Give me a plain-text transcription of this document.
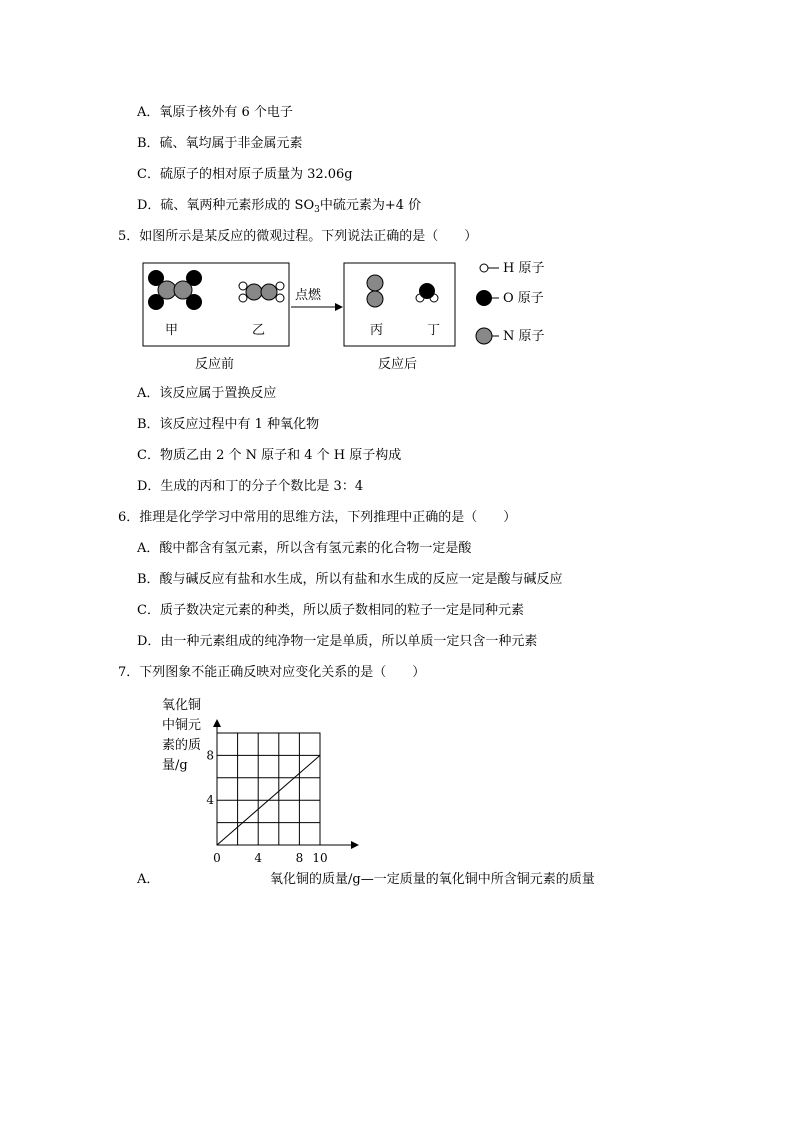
A．氧原子核外有 6 个电子
B．硫、氧均属于非金属元素
C．硫原子的相对原子质量为 32.06g
D．硫、氧两种元素形成的 $SO_3$中硫元素为+4 价
5．如图所示是某反应的微观过程。下列说法正确的是（　　）
甲	乙
点燃
丙	丁
反应前	反应后
H 原子
O 原子
N 原子
A．该反应属于置换反应
B．该反应过程中有 1 种氧化物
C．物质乙由 2 个 N 原子和 4 个 H 原子构成
D．生成的丙和丁的分子个数比是 3：4
6．推理是化学学习中常用的思维方法，下列推理中正确的是（　　）
A．酸中都含有氢元素，所以含有氢元素的化合物一定是酸
B．酸与碱反应有盐和水生成，所以有盐和水生成的反应一定是酸与碱反应
C．质子数决定元素的种类，所以质子数相同的粒子一定是同种元素
D．由一种元素组成的纯净物一定是单质，所以单质一定只含一种元素
7．下列图象不能正确反映对应变化关系的是（　　）
氧化铜
中铜元
素的质
量/g
0	4	8 10
8
4
A．	氧化铜的质量/g—一定质量的氧化铜中所含铜元素的质量
